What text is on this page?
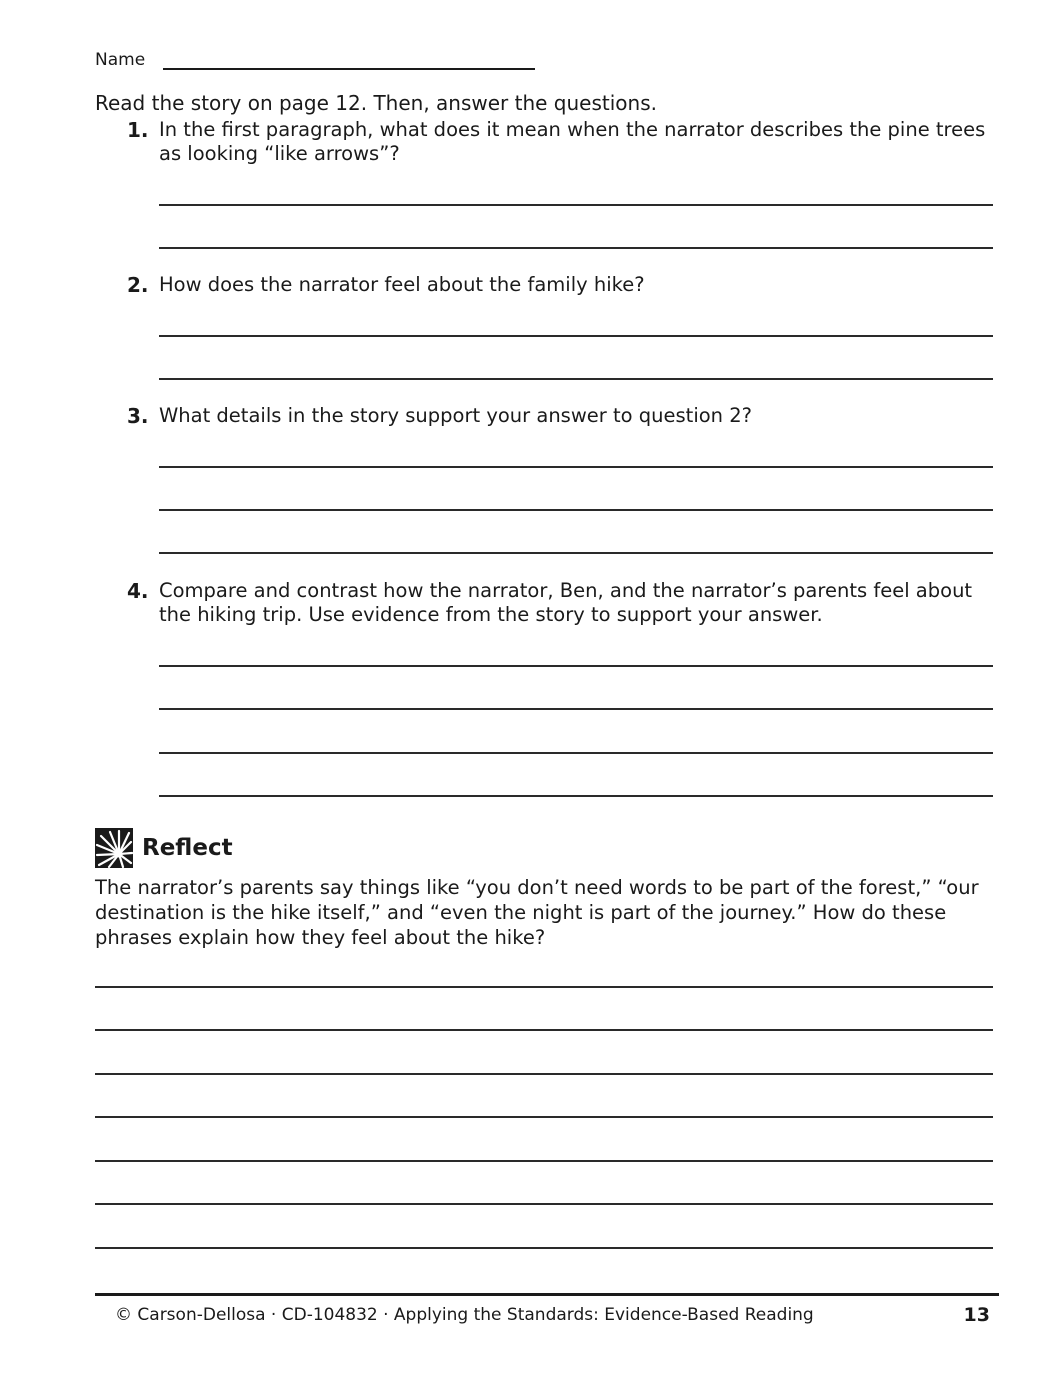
Name
Read the story on page 12. Then, answer the questions.
1. In the first paragraph, what does it mean when the narrator describes the pine trees as looking “like arrows”?
2. How does the narrator feel about the family hike?
3. What details in the story support your answer to question 2?
4. Compare and contrast how the narrator, Ben, and the narrator’s parents feel about the hiking trip. Use evidence from the story to support your answer.
Reflect
The narrator’s parents say things like “you don’t need words to be part of the forest,” “our destination is the hike itself,” and “even the night is part of the journey.” How do these phrases explain how they feel about the hike?
© Carson-Dellosa · CD-104832 · Applying the Standards: Evidence-Based Reading	13
